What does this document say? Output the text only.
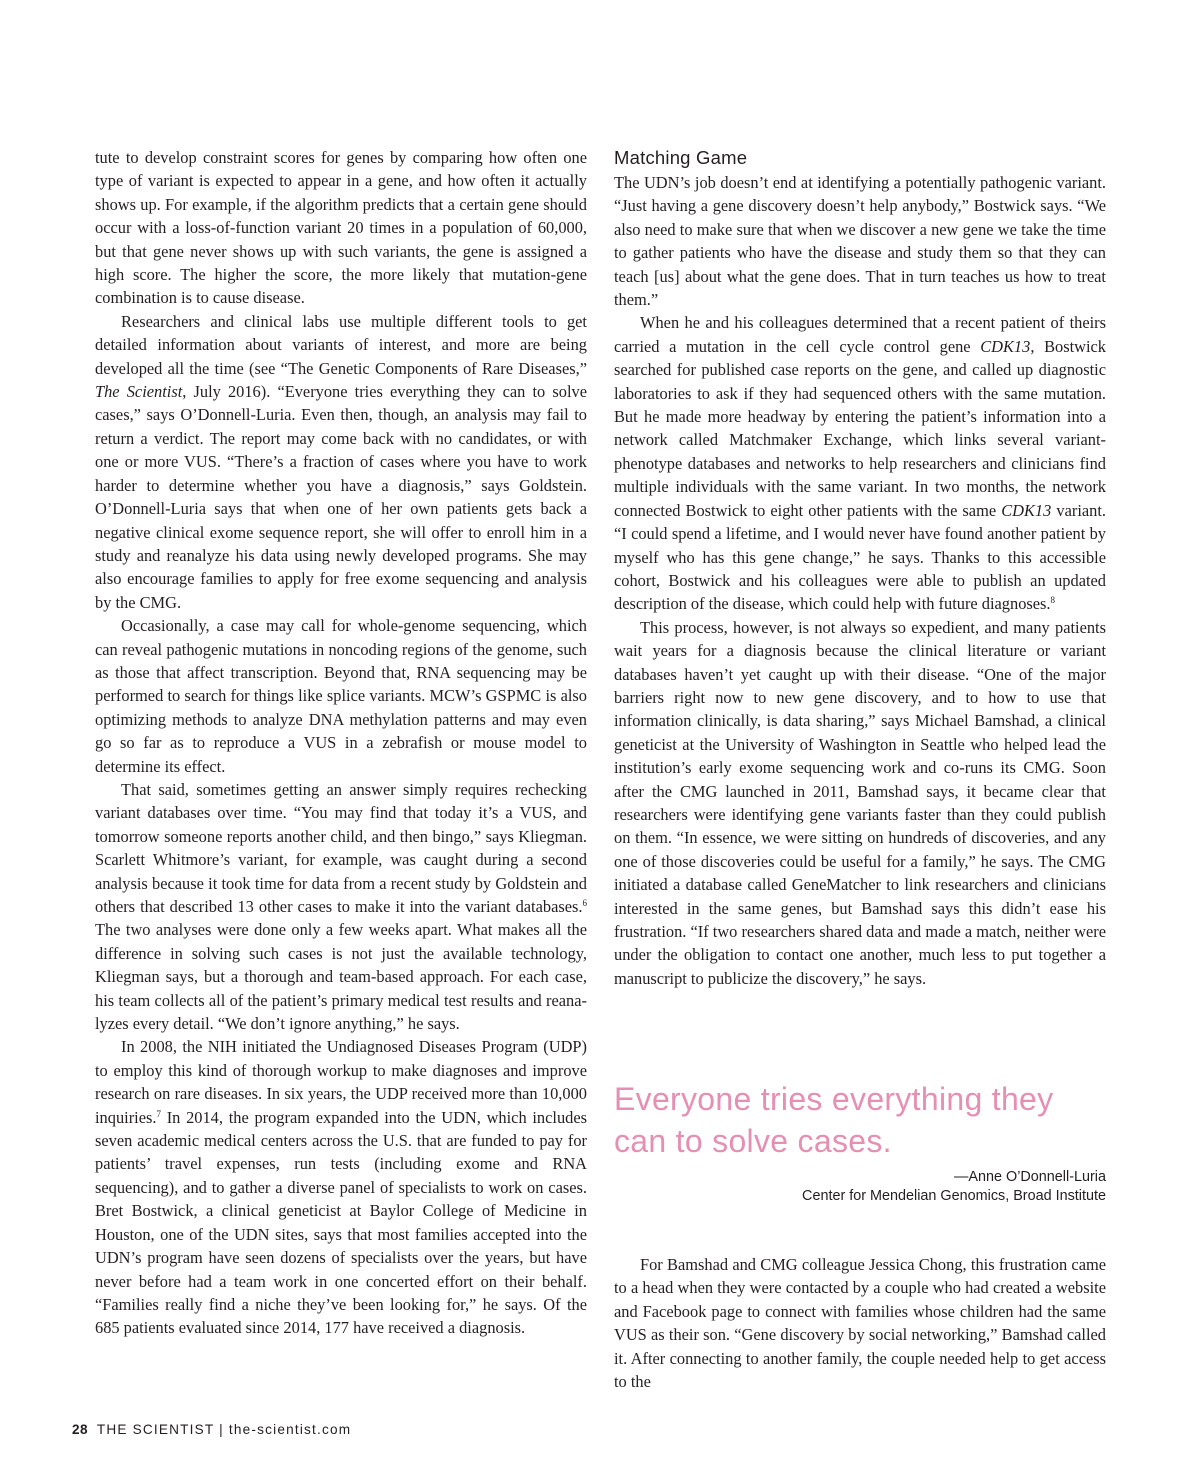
tute to develop constraint scores for genes by comparing how often one type of variant is expected to appear in a gene, and how often it actually shows up. For example, if the algorithm predicts that a certain gene should occur with a loss-of-function variant 20 times in a population of 60,000, but that gene never shows up with such variants, the gene is assigned a high score. The higher the score, the more likely that mutation-gene combination is to cause disease.

Researchers and clinical labs use multiple different tools to get detailed information about variants of interest, and more are being developed all the time (see “The Genetic Components of Rare Diseases,” The Scientist, July 2016). “Everyone tries everything they can to solve cases,” says O’Donnell-Luria. Even then, though, an analysis may fail to return a verdict. The report may come back with no candidates, or with one or more VUS. “There’s a fraction of cases where you have to work harder to determine whether you have a diagnosis,” says Goldstein. O’Donnell-Luria says that when one of her own patients gets back a negative clinical exome sequence report, she will offer to enroll him in a study and reanalyze his data using newly developed programs. She may also encourage families to apply for free exome sequencing and analysis by the CMG.

Occasionally, a case may call for whole-genome sequencing, which can reveal pathogenic mutations in noncoding regions of the genome, such as those that affect transcription. Beyond that, RNA sequencing may be performed to search for things like splice variants. MCW’s GSPMC is also optimizing methods to analyze DNA methylation patterns and may even go so far as to reproduce a VUS in a zebrafish or mouse model to determine its effect.

That said, sometimes getting an answer simply requires rechecking variant databases over time. “You may find that today it’s a VUS, and tomorrow someone reports another child, and then bingo,” says Kliegman. Scarlett Whitmore’s variant, for example, was caught during a second analysis because it took time for data from a recent study by Goldstein and others that described 13 other cases to make it into the variant databases.$^6$ The two analyses were done only a few weeks apart. What makes all the difference in solving such cases is not just the available technology, Kliegman says, but a thorough and team-based approach. For each case, his team collects all of the patient’s primary medical test results and reanalyzes every detail. “We don’t ignore anything,” he says.

In 2008, the NIH initiated the Undiagnosed Diseases Program (UDP) to employ this kind of thorough workup to make diagnoses and improve research on rare diseases. In six years, the UDP received more than 10,000 inquiries.$^7$ In 2014, the program expanded into the UDN, which includes seven academic medical centers across the U.S. that are funded to pay for patients’ travel expenses, run tests (including exome and RNA sequencing), and to gather a diverse panel of specialists to work on cases. Bret Bostwick, a clinical geneticist at Baylor College of Medicine in Houston, one of the UDN sites, says that most families accepted into the UDN’s program have seen dozens of specialists over the years, but have never before had a team work in one concerted effort on their behalf. “Families really find a niche they’ve been looking for,” he says. Of the 685 patients evaluated since 2014, 177 have received a diagnosis.

Matching Game

The UDN’s job doesn’t end at identifying a potentially pathogenic variant. “Just having a gene discovery doesn’t help anybody,” Bostwick says. “We also need to make sure that when we discover a new gene we take the time to gather patients who have the disease and study them so that they can teach [us] about what the gene does. That in turn teaches us how to treat them.”

When he and his colleagues determined that a recent patient of theirs carried a mutation in the cell cycle control gene CDK13, Bostwick searched for published case reports on the gene, and called up diagnostic laboratories to ask if they had sequenced others with the same mutation. But he made more headway by entering the patient’s information into a network called Matchmaker Exchange, which links several variant-phenotype databases and networks to help researchers and clinicians find multiple individuals with the same variant. In two months, the network connected Bostwick to eight other patients with the same CDK13 variant. “I could spend a lifetime, and I would never have found another patient by myself who has this gene change,” he says. Thanks to this accessible cohort, Bostwick and his colleagues were able to publish an updated description of the disease, which could help with future diagnoses.$^8$

This process, however, is not always so expedient, and many patients wait years for a diagnosis because the clinical literature or variant databases haven’t yet caught up with their disease. “One of the major barriers right now to new gene discovery, and to how to use that information clinically, is data sharing,” says Michael Bamshad, a clinical geneticist at the University of Washington in Seattle who helped lead the institution’s early exome sequencing work and co-runs its CMG. Soon after the CMG launched in 2011, Bamshad says, it became clear that researchers were identifying gene variants faster than they could publish on them. “In essence, we were sitting on hundreds of discoveries, and any one of those discoveries could be useful for a family,” he says. The CMG initiated a database called GeneMatcher to link researchers and clinicians interested in the same genes, but Bamshad says this didn’t ease his frustration. “If two researchers shared data and made a match, neither were under the obligation to contact one another, much less to put together a manuscript to publicize the discovery,” he says.

Everyone tries everything they can to solve cases.

—Anne O’Donnell-Luria
Center for Mendelian Genomics, Broad Institute

For Bamshad and CMG colleague Jessica Chong, this frustration came to a head when they were contacted by a couple who had created a website and Facebook page to connect with families whose children had the same VUS as their son. “Gene discovery by social networking,” Bamshad called it. After connecting to another family, the couple needed help to get access to the

28 THE SCIENTIST | the-scientist.com
